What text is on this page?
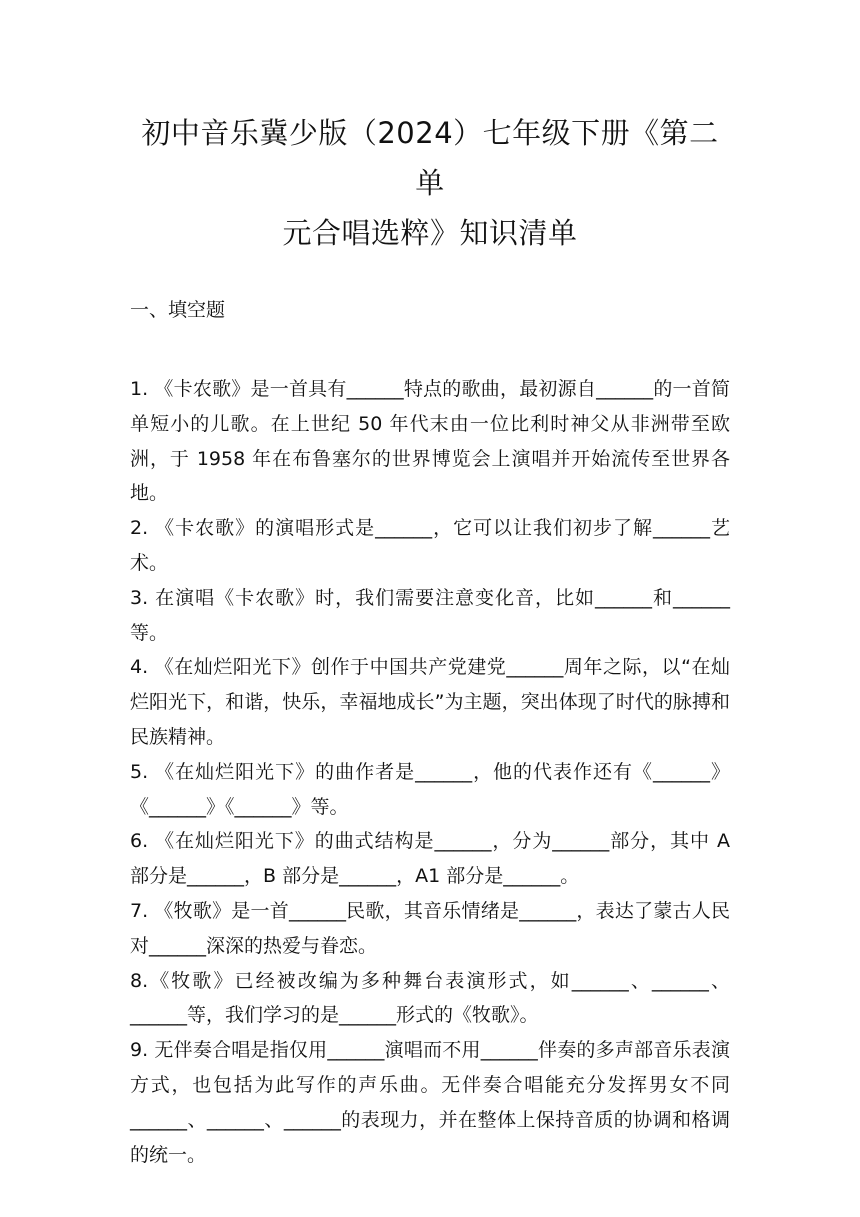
初中音乐冀少版（2024）七年级下册《第二单
元合唱选粹》知识清单
一、填空题
1. 《卡农歌》是一首具有______特点的歌曲，最初源自______的一首简单短小的儿歌。在上世纪 50 年代末由一位比利时神父从非洲带至欧洲，于 1958 年在布鲁塞尔的世界博览会上演唱并开始流传至世界各地。
2. 《卡农歌》的演唱形式是______，它可以让我们初步了解______艺术。
3. 在演唱《卡农歌》时，我们需要注意变化音，比如______和______等。
4. 《在灿烂阳光下》创作于中国共产党建党______周年之际，以“在灿烂阳光下，和谐，快乐，幸福地成长”为主题，突出体现了时代的脉搏和民族精神。
5. 《在灿烂阳光下》的曲作者是______，他的代表作还有《______》《______》《______》等。
6. 《在灿烂阳光下》的曲式结构是______，分为______部分，其中 A 部分是______，B 部分是______，A1 部分是______。
7. 《牧歌》是一首______民歌，其音乐情绪是______，表达了蒙古人民对______深深的热爱与眷恋。
8.《牧歌》已经被改编为多种舞台表演形式，如______、______、______等，我们学习的是______形式的《牧歌》。
9. 无伴奏合唱是指仅用______演唱而不用______伴奏的多声部音乐表演方式，也包括为此写作的声乐曲。无伴奏合唱能充分发挥男女不同______、______、______的表现力，并在整体上保持音质的协调和格调的统一。
